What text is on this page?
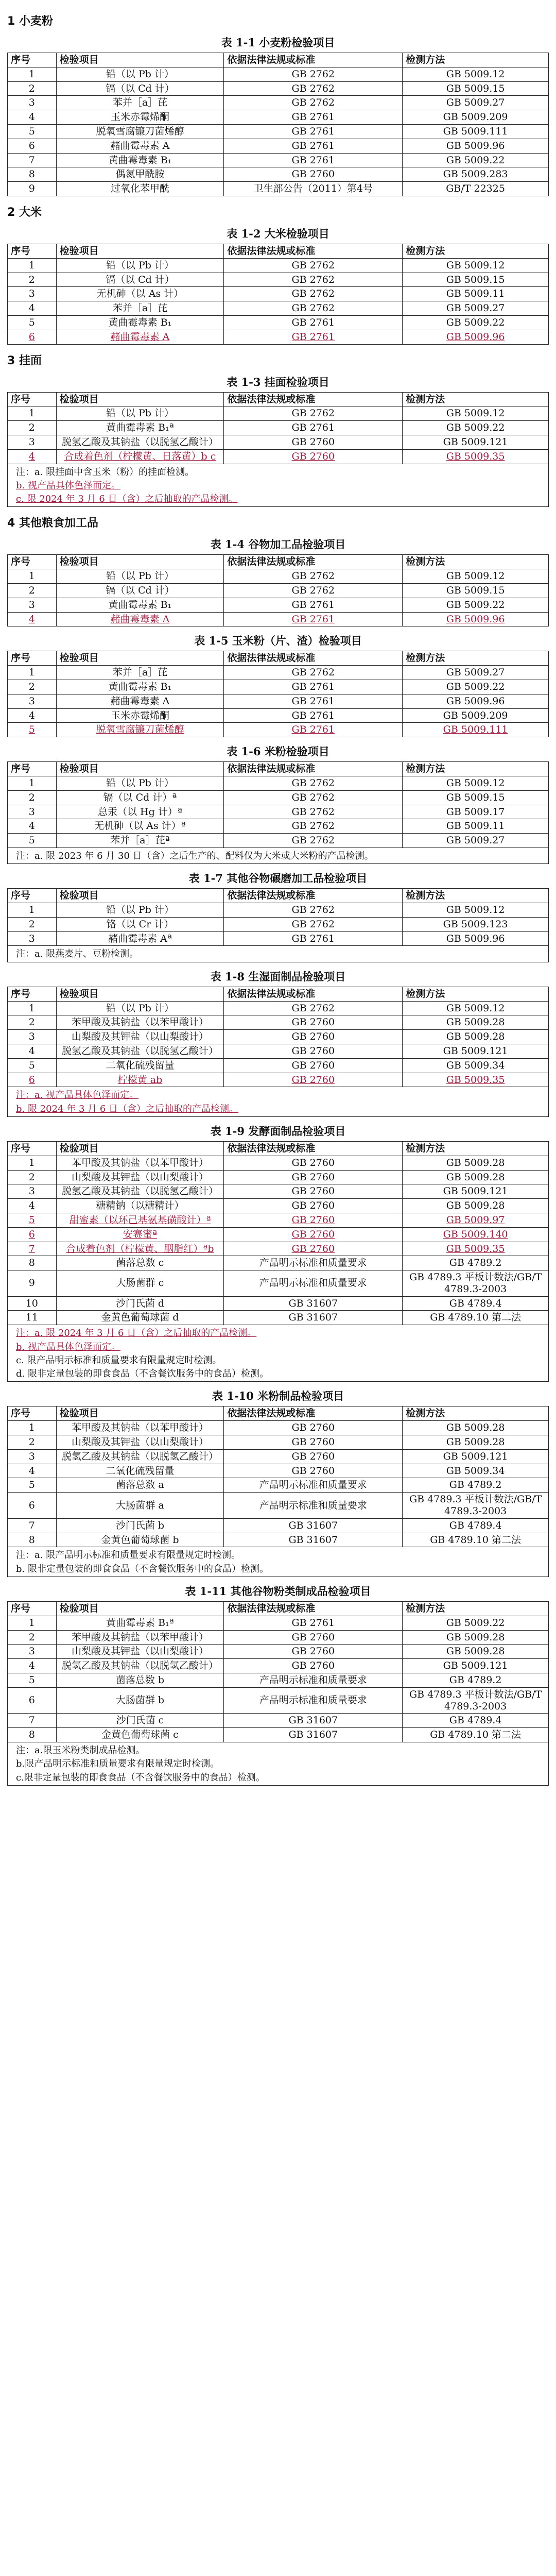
1 小麦粉
表 1-1 小麦粉检验项目
序号	检验项目	依据法律法规或标准	检测方法
1	铅（以 Pb 计）	GB 2762	GB 5009.12
2	镉（以 Cd 计）	GB 2762	GB 5009.15
3	苯并［a］芘	GB 2762	GB 5009.27
4	玉米赤霉烯酮	GB 2761	GB 5009.209
5	脱氧雪腐镰刀菌烯醇	GB 2761	GB 5009.111
6	赭曲霉毒素 A	GB 2761	GB 5009.96
7	黄曲霉毒素 B₁	GB 2761	GB 5009.22
8	偶氮甲酰胺	GB 2760	GB 5009.283
9	过氧化苯甲酰	卫生部公告（2011）第4号	GB/T 22325
2 大米
表 1-2 大米检验项目
序号	检验项目	依据法律法规或标准	检测方法
1	铅（以 Pb 计）	GB 2762	GB 5009.12
2	镉（以 Cd 计）	GB 2762	GB 5009.15
3	无机砷（以 As 计）	GB 2762	GB 5009.11
4	苯并［a］芘	GB 2762	GB 5009.27
5	黄曲霉毒素 B₁	GB 2761	GB 5009.22
6	赭曲霉毒素 A	GB 2761	GB 5009.96
3 挂面
表 1-3 挂面检验项目
序号	检验项目	依据法律法规或标准	检测方法
1	铅（以 Pb 计）	GB 2762	GB 5009.12
2	黄曲霉毒素 B₁ª	GB 2761	GB 5009.22
3	脱氢乙酸及其钠盐（以脱氢乙酸计）	GB 2760	GB 5009.121
4	合成着色剂（柠檬黄、日落黄）b c	GB 2760	GB 5009.35
注：a. 限挂面中含玉米（粉）的挂面检测。
b. 视产品具体色泽而定。
c. 限 2024 年 3 月 6 日（含）之后抽取的产品检测。
4 其他粮食加工品
表 1-4 谷物加工品检验项目
序号	检验项目	依据法律法规或标准	检测方法
1	铅（以 Pb 计）	GB 2762	GB 5009.12
2	镉（以 Cd 计）	GB 2762	GB 5009.15
3	黄曲霉毒素 B₁	GB 2761	GB 5009.22
4	赭曲霉毒素 A	GB 2761	GB 5009.96
表 1-5 玉米粉（片、渣）检验项目
序号	检验项目	依据法律法规或标准	检测方法
1	苯并［a］芘	GB 2762	GB 5009.27
2	黄曲霉毒素 B₁	GB 2761	GB 5009.22
3	赭曲霉毒素 A	GB 2761	GB 5009.96
4	玉米赤霉烯酮	GB 2761	GB 5009.209
5	脱氧雪腐镰刀菌烯醇	GB 2761	GB 5009.111
表 1-6 米粉检验项目
序号	检验项目	依据法律法规或标准	检测方法
1	铅（以 Pb 计）	GB 2762	GB 5009.12
2	镉（以 Cd 计）ª	GB 2762	GB 5009.15
3	总汞（以 Hg 计）ª	GB 2762	GB 5009.17
4	无机砷（以 As 计）ª	GB 2762	GB 5009.11
5	苯并［a］芘ª	GB 2762	GB 5009.27
注：a. 限 2023 年 6 月 30 日（含）之后生产的、配料仅为大米或大米粉的产品检测。
表 1-7 其他谷物碾磨加工品检验项目
序号	检验项目	依据法律法规或标准	检测方法
1	铅（以 Pb 计）	GB 2762	GB 5009.12
2	铬（以 Cr 计）	GB 2762	GB 5009.123
3	赭曲霉毒素 Aª	GB 2761	GB 5009.96
注：a. 限燕麦片、豆粉检测。
表 1-8 生湿面制品检验项目
序号	检验项目	依据法律法规或标准	检测方法
1	铅（以 Pb 计）	GB 2762	GB 5009.12
2	苯甲酸及其钠盐（以苯甲酸计）	GB 2760	GB 5009.28
3	山梨酸及其钾盐（以山梨酸计）	GB 2760	GB 5009.28
4	脱氢乙酸及其钠盐（以脱氢乙酸计）	GB 2760	GB 5009.121
5	二氧化硫残留量	GB 2760	GB 5009.34
6	柠檬黄 ab	GB 2760	GB 5009.35
注：a. 视产品具体色泽而定。
b. 限 2024 年 3 月 6 日（含）之后抽取的产品检测。
表 1-9 发酵面制品检验项目
序号	检验项目	依据法律法规或标准	检测方法
1	苯甲酸及其钠盐（以苯甲酸计）	GB 2760	GB 5009.28
2	山梨酸及其钾盐（以山梨酸计）	GB 2760	GB 5009.28
3	脱氢乙酸及其钠盐（以脱氢乙酸计）	GB 2760	GB 5009.121
4	糖精钠（以糖精计）	GB 2760	GB 5009.28
5	甜蜜素（以环己基氨基磺酸计）ª	GB 2760	GB 5009.97
6	安赛蜜ª	GB 2760	GB 5009.140
7	合成着色剂（柠檬黄、胭脂红）ªb	GB 2760	GB 5009.35
8	菌落总数 c	产品明示标准和质量要求	GB 4789.2
9	大肠菌群 c	产品明示标准和质量要求	GB 4789.3 平板计数法/GB/T 4789.3-2003
10	沙门氏菌 d	GB 31607	GB 4789.4
11	金黄色葡萄球菌 d	GB 31607	GB 4789.10 第二法
注：a. 限 2024 年 3 月 6 日（含）之后抽取的产品检测。
b. 视产品具体色泽而定。
c. 限产品明示标准和质量要求有限量规定时检测。
d. 限非定量包装的即食食品（不含餐饮服务中的食品）检测。
表 1-10 米粉制品检验项目
序号	检验项目	依据法律法规或标准	检测方法
1	苯甲酸及其钠盐（以苯甲酸计）	GB 2760	GB 5009.28
2	山梨酸及其钾盐（以山梨酸计）	GB 2760	GB 5009.28
3	脱氢乙酸及其钠盐（以脱氢乙酸计）	GB 2760	GB 5009.121
4	二氧化硫残留量	GB 2760	GB 5009.34
5	菌落总数 a	产品明示标准和质量要求	GB 4789.2
6	大肠菌群 a	产品明示标准和质量要求	GB 4789.3 平板计数法/GB/T 4789.3-2003
7	沙门氏菌 b	GB 31607	GB 4789.4
8	金黄色葡萄球菌 b	GB 31607	GB 4789.10 第二法
注：a. 限产品明示标准和质量要求有限量规定时检测。
b. 限非定量包装的即食食品（不含餐饮服务中的食品）检测。
表 1-11 其他谷物粉类制成品检验项目
序号	检验项目	依据法律法规或标准	检测方法
1	黄曲霉毒素 B₁ª	GB 2761	GB 5009.22
2	苯甲酸及其钠盐（以苯甲酸计）	GB 2760	GB 5009.28
3	山梨酸及其钾盐（以山梨酸计）	GB 2760	GB 5009.28
4	脱氢乙酸及其钠盐（以脱氢乙酸计）	GB 2760	GB 5009.121
5	菌落总数 b	产品明示标准和质量要求	GB 4789.2
6	大肠菌群 b	产品明示标准和质量要求	GB 4789.3 平板计数法/GB/T 4789.3-2003
7	沙门氏菌 c	GB 31607	GB 4789.4
8	金黄色葡萄球菌 c	GB 31607	GB 4789.10 第二法
注：a.限玉米粉类制成品检测。
b.限产品明示标准和质量要求有限量规定时检测。
c.限非定量包装的即食食品（不含餐饮服务中的食品）检测。
